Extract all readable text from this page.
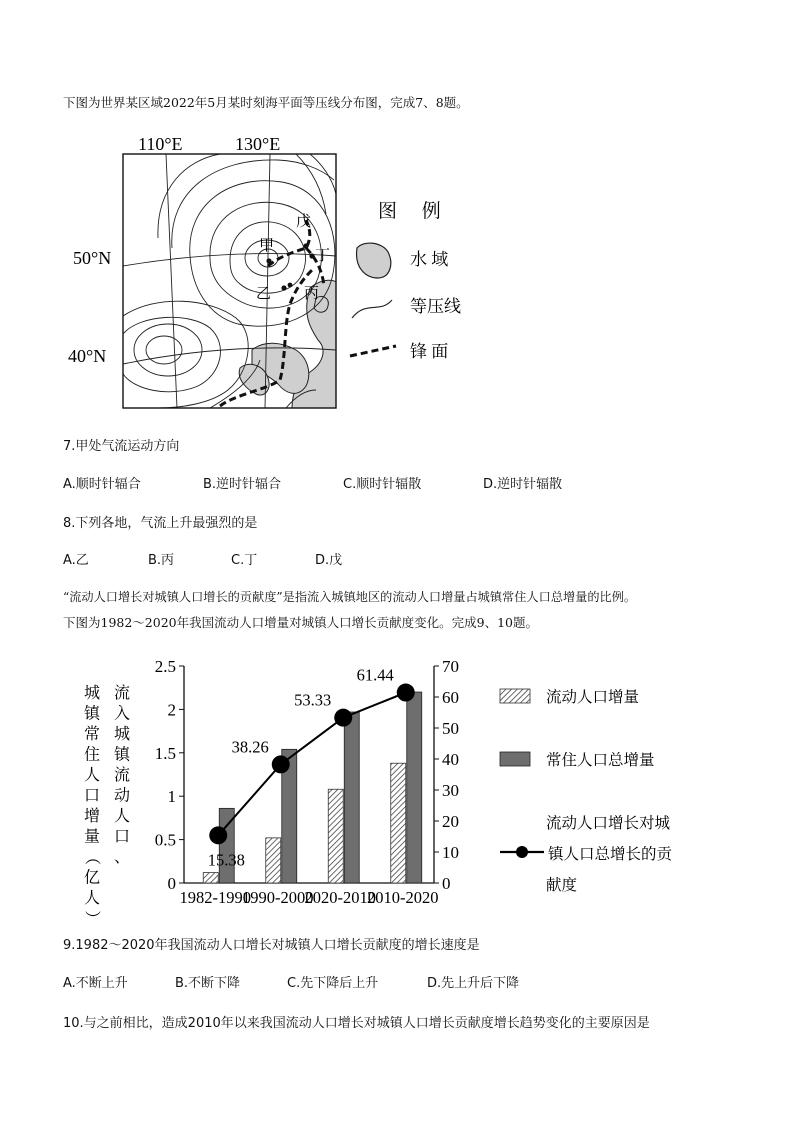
下图为世界某区域2022年5月某时刻海平面等压线分布图，完成7、8题。
110°E	130°E
50°N
40°N
甲
乙 丙
丁
戊	图 例
水 域
等压线
锋 面
7.甲处气流运动方向
A.顺时针辐合	B.逆时针辐合	C.顺时针辐散	D.逆时针辐散
8.下列各地，气流上升最强烈的是
A.乙	B.丙	C.丁	D.戊
“流动人口增长对城镇人口增长的贡献度”是指流入城镇地区的流动人口增量占城镇常住人口总增量的比例。
下图为1982～2020年我国流动人口增量对城镇人口增长贡献度变化。完成9、10题。
0
0.5
1
1.5
2
2.5
0
10
20
30
40
50
60
70
城
镇
常
住
人
口
增
量
（
亿
人
）
流
入
城
镇
流
动
人
口
、
1982-1990
1990-2000
2020-2010
2010-2020
15.38
38.26
53.33
61.44
流动人口增量
常住人口总增量
流动人口增长对城
镇人口总增长的贡
献度
9.1982～2020年我国流动人口增长对城镇人口增长贡献度的增长速度是
A.不断上升	B.不断下降	C.先下降后上升	D.先上升后下降
10.与之前相比，造成2010年以来我国流动人口增长对城镇人口增长贡献度增长趋势变化的主要原因是
